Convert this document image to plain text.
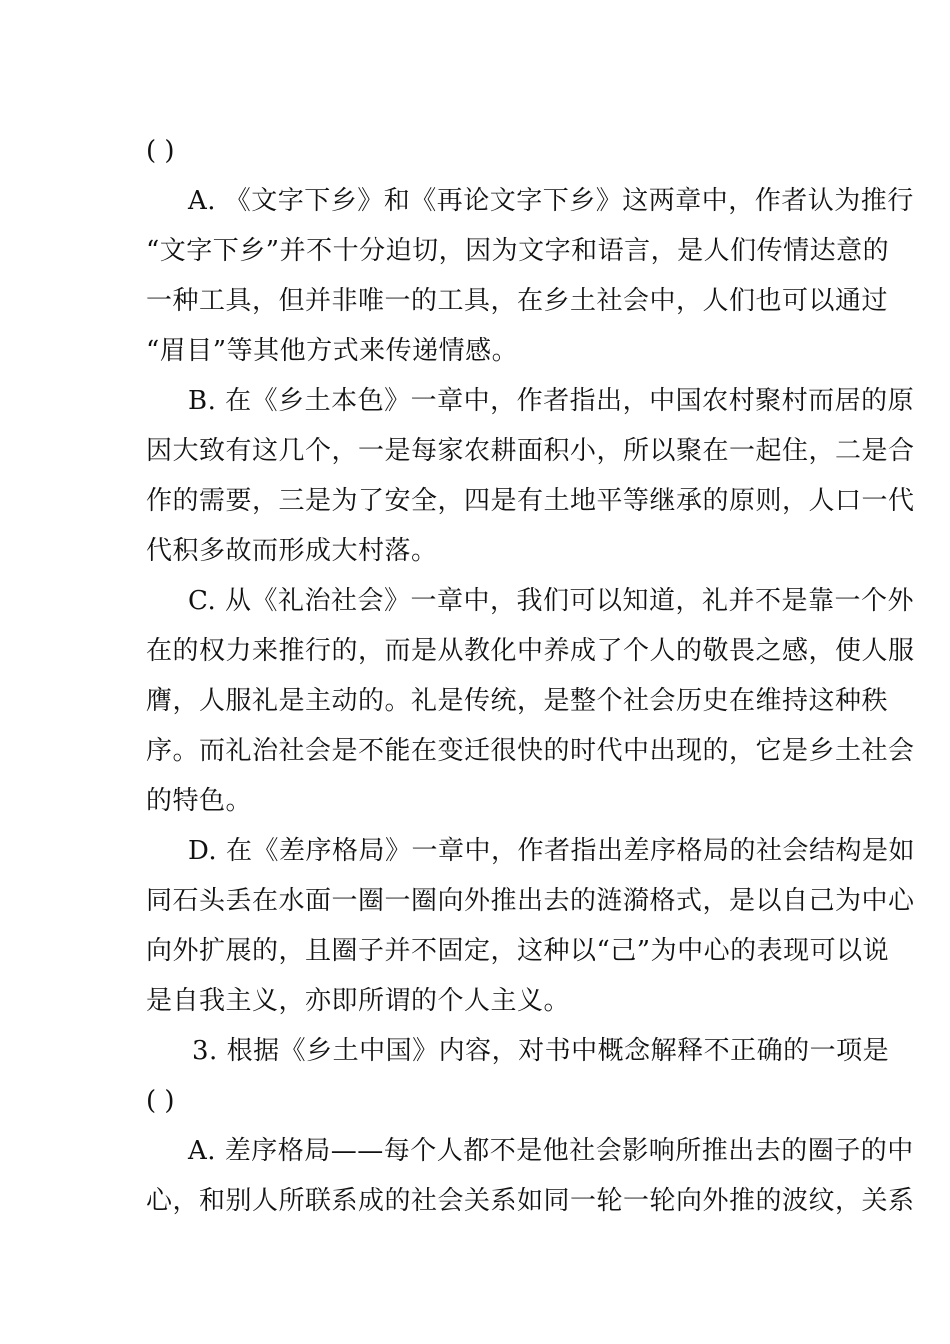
( )
A. 《文字下乡》和《再论文字下乡》这两章中，作者认为推行
“文字下乡”并不十分迫切，因为文字和语言，是人们传情达意的
一种工具，但并非唯一的工具，在乡土社会中，人们也可以通过
“眉目”等其他方式来传递情感。
B. 在《乡土本色》一章中，作者指出，中国农村聚村而居的原
因大致有这几个，一是每家农耕面积小，所以聚在一起住，二是合
作的需要，三是为了安全，四是有土地平等继承的原则，人口一代
代积多故而形成大村落。
C. 从《礼治社会》一章中，我们可以知道，礼并不是靠一个外
在的权力来推行的，而是从教化中养成了个人的敬畏之感，使人服
膺，人服礼是主动的。礼是传统，是整个社会历史在维持这种秩
序。而礼治社会是不能在变迁很快的时代中出现的，它是乡土社会
的特色。
D. 在《差序格局》一章中，作者指出差序格局的社会结构是如
同石头丢在水面一圈一圈向外推出去的涟漪格式，是以自己为中心
向外扩展的，且圈子并不固定，这种以“己”为中心的表现可以说
是自我主义，亦即所谓的个人主义。
3. 根据《乡土中国》内容，对书中概念解释不正确的一项是
( )
A. 差序格局——每个人都不是他社会影响所推出去的圈子的中
心，和别人所联系成的社会关系如同一轮一轮向外推的波纹，关系
